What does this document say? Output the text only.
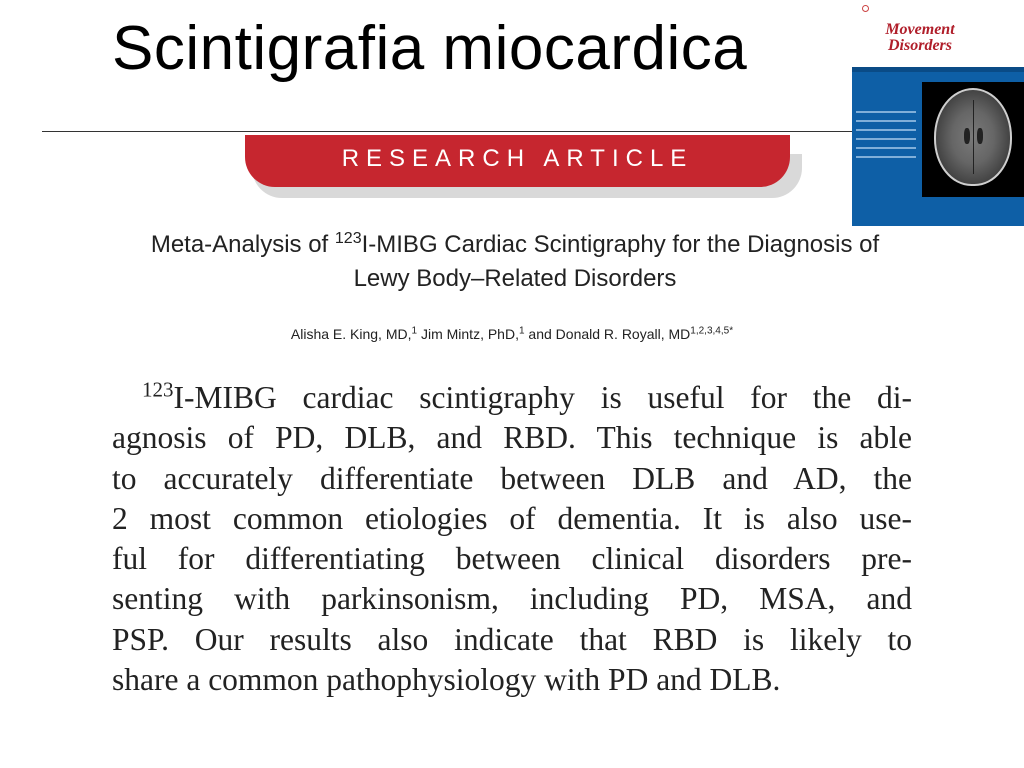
Scintigrafia miocardica
RESEARCH ARTICLE
Meta-Analysis of $^{123}$I-MIBG Cardiac Scintigraphy for the Diagnosis of
Lewy Body–Related Disorders
Alisha E. King, MD,$^1$ Jim Mintz, PhD,$^1$ and Donald R. Royall, $MD^{1,2,3,4,5*}$
$^{123}$I-MIBG cardiac scintigraphy is useful for the di-
agnosis of PD, DLB, and RBD. This technique is able
to accurately differentiate between DLB and AD, the
2 most common etiologies of dementia. It is also use-
ful for differentiating between clinical disorders pre-
senting with parkinsonism, including PD, MSA, and
PSP. Our results also indicate that RBD is likely to
share a common pathophysiology with PD and DLB.
Movement
Disorders
